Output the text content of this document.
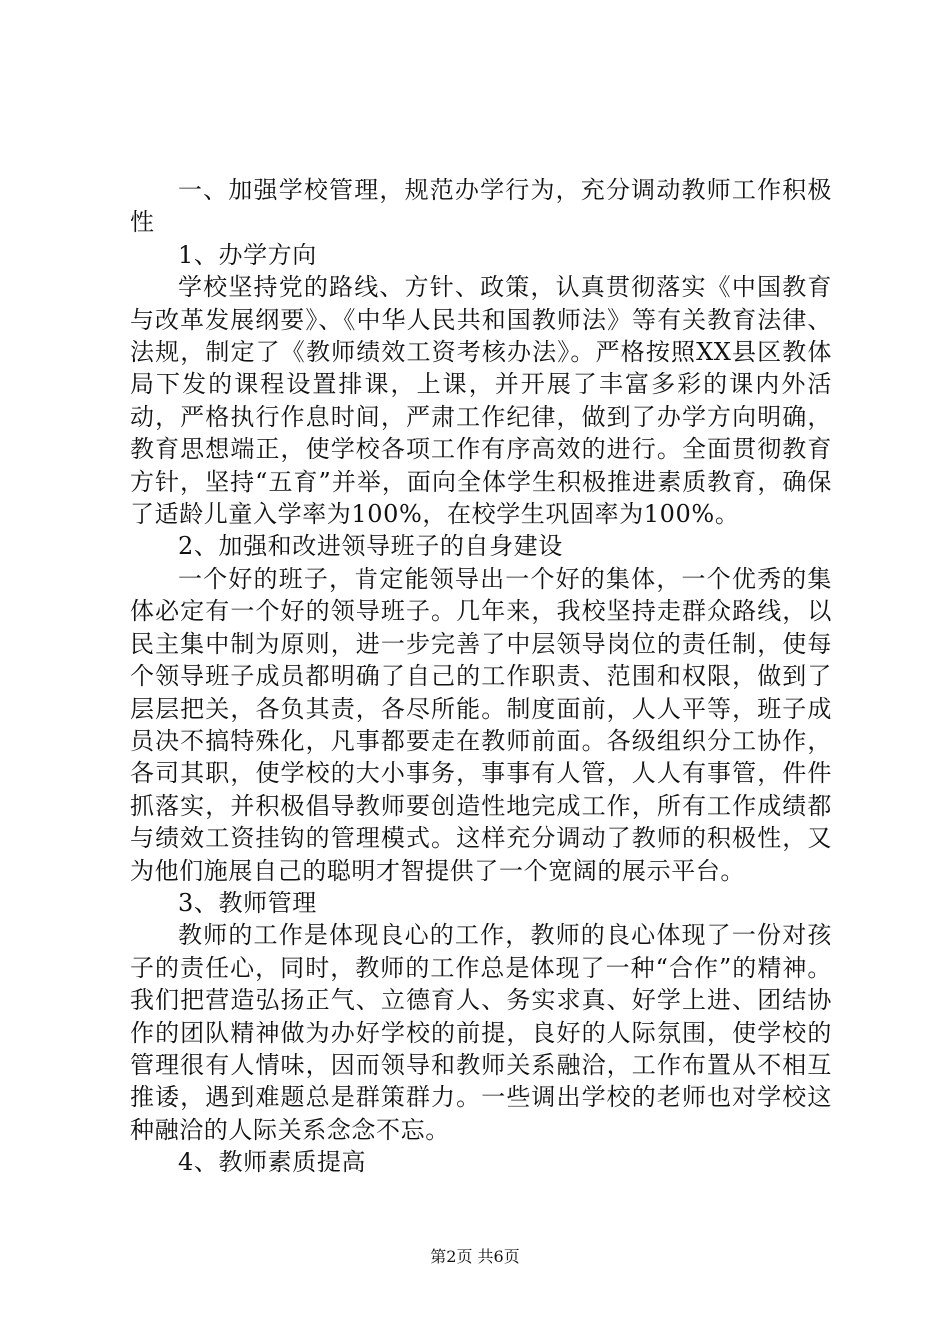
一、加强学校管理，规范办学行为，充分调动教师工作积极性

1、办学方向

学校坚持党的路线、方针、政策，认真贯彻落实《中国教育与改革发展纲要》、《中华人民共和国教师法》等有关教育法律、法规，制定了《教师绩效工资考核办法》。严格按照XX县区教体局下发的课程设置排课，上课，并开展了丰富多彩的课内外活动，严格执行作息时间，严肃工作纪律，做到了办学方向明确，教育思想端正，使学校各项工作有序高效的进行。全面贯彻教育方针，坚持“五育”并举，面向全体学生积极推进素质教育，确保了适龄儿童入学率为100%，在校学生巩固率为100%。

2、加强和改进领导班子的自身建设

一个好的班子，肯定能领导出一个好的集体，一个优秀的集体必定有一个好的领导班子。几年来，我校坚持走群众路线，以民主集中制为原则，进一步完善了中层领导岗位的责任制，使每个领导班子成员都明确了自己的工作职责、范围和权限，做到了层层把关，各负其责，各尽所能。制度面前，人人平等，班子成员决不搞特殊化，凡事都要走在教师前面。各级组织分工协作，各司其职，使学校的大小事务，事事有人管，人人有事管，件件抓落实，并积极倡导教师要创造性地完成工作，所有工作成绩都与绩效工资挂钩的管理模式。这样充分调动了教师的积极性，又为他们施展自己的聪明才智提供了一个宽阔的展示平台。

3、教师管理

教师的工作是体现良心的工作，教师的良心体现了一份对孩子的责任心，同时，教师的工作总是体现了一种“合作”的精神。我们把营造弘扬正气、立德育人、务实求真、好学上进、团结协作的团队精神做为办好学校的前提，良好的人际氛围，使学校的管理很有人情味，因而领导和教师关系融洽，工作布置从不相互推诿，遇到难题总是群策群力。一些调出学校的老师也对学校这种融洽的人际关系念念不忘。

4、教师素质提高

第2页 共6页
